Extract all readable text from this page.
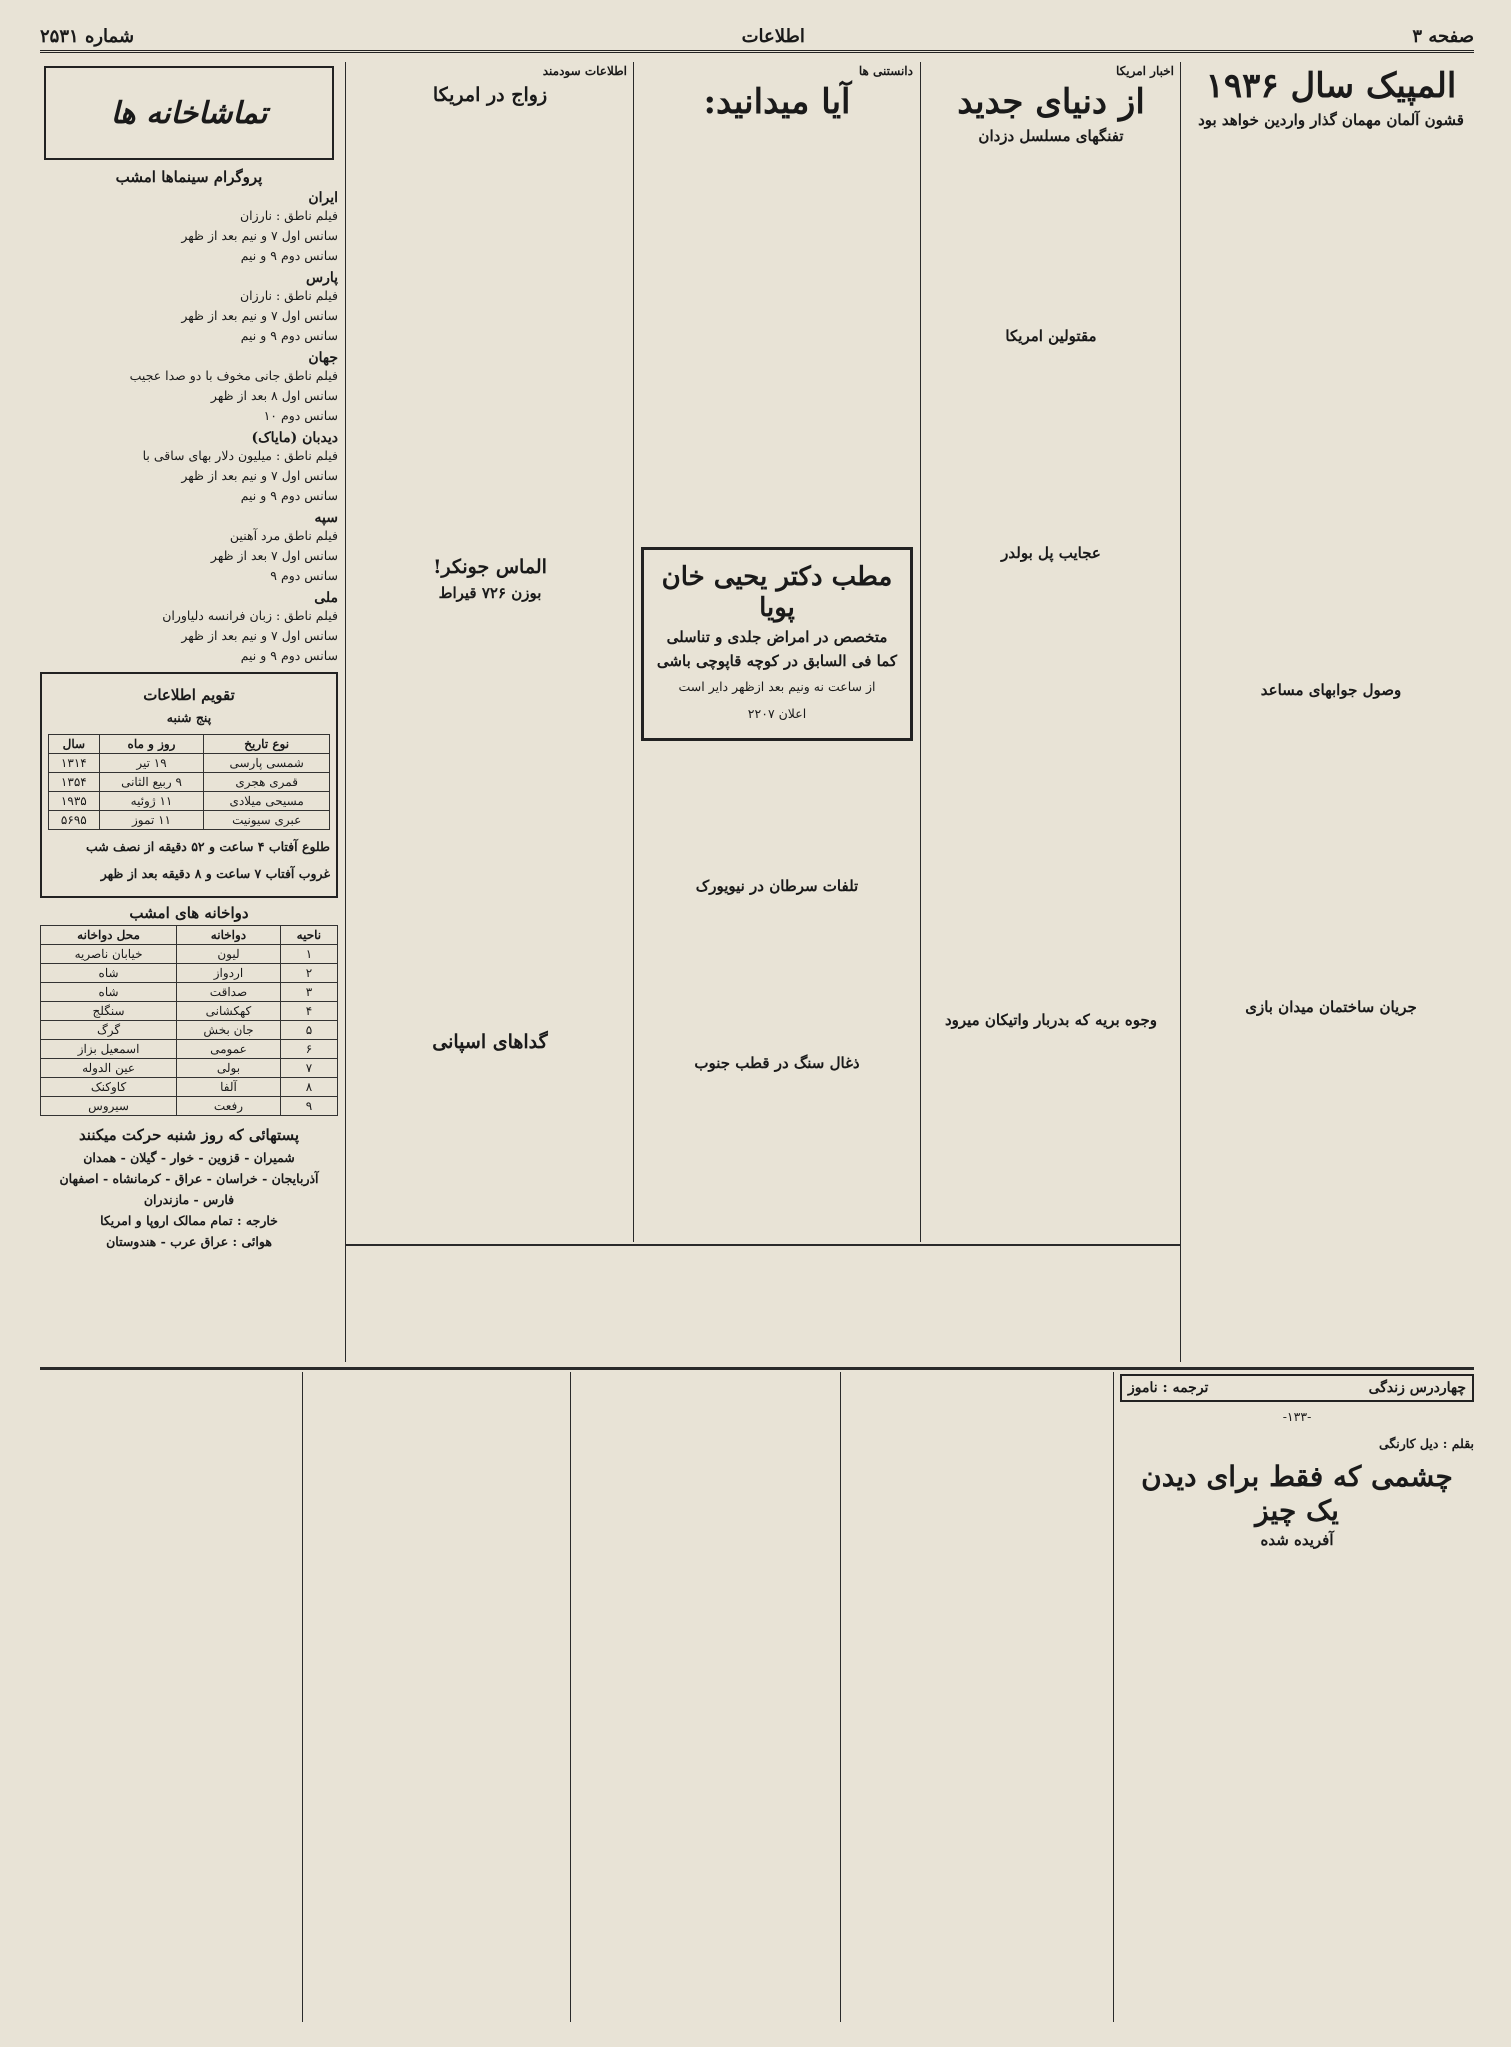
صفحه ۳
اطلاعات
شماره ۲۵۳۱
المپیک سال ۱۹۳۶
قشون آلمان مهمان گذار واردین خواهد بود

وصول جوابهای مساعد

جریان ساختمان میدان بازی

اخبار امریکا
از دنیای جدید
تفنگهای مسلسل دزدان

مقتولین امریکا

عجایب پل بولدر

وجوه بریه که بدربار واتیکان میرود

دانستنی ها
آیا میدانید:

مطب دکتر یحیی خان پویا
متخصص در امراض جلدی و تناسلی
کما فی السابق در کوچه قاپوچی باشی
از ساعت نه ونیم بعد ازظهر دایر است
اعلان ۲۲۰۷

تلفات سرطان در نیویورک

ذغال سنگ در قطب جنوب
اطلاعات سودمند
زواج در امریکا

الماس جونکر!
بوزن ۷۲۶ قیراط

گداهای اسپانی
تماشاخانه ها
پروگرام سینماها امشب
ایران
فیلم ناطق : نارزان
سانس اول ۷ و نیم بعد از ظهر
سانس دوم ۹ و نیم
پارس
فیلم ناطق : نارزان
سانس اول ۷ و نیم بعد از ظهر
سانس دوم ۹ و نیم
جهان
فیلم ناطق جانی مخوف با دو صدا عجیب
سانس اول ۸ بعد از ظهر
سانس دوم ۱۰
دیدبان (مایاک)
فیلم ناطق : میلیون دلار بهای ساقی با
سانس اول ۷ و نیم بعد از ظهر
سانس دوم ۹ و نیم
سپه
فیلم ناطق مرد آهنین
سانس اول ۷ بعد از ظهر
سانس دوم ۹
ملی
فیلم ناطق : زبان فرانسه دلیاوران
سانس اول ۷ و نیم بعد از ظهر
سانس دوم ۹ و نیم
تقویم اطلاعات
پنج شنبه
نوع تاریخ	روز و ماه	سال
شمسی پارسی	۱۹ تیر	۱۳۱۴
قمری هجری	۹ ربیع الثانی	۱۳۵۴
مسیحی میلادی	۱۱ ژوئیه	۱۹۳۵
عبری سیونیت	۱۱ تموز	۵۶۹۵
طلوع آفتاب ۴ ساعت و ۵۲ دقیقه از نصف شب
غروب آفتاب ۷ ساعت و ۸ دقیقه بعد از ظهر
دواخانه های امشب
ناحیه	دواخانه	محل دواخانه
۱	لیون	خیابان ناصریه
۲	اردواز	شاه
۳	صداقت	شاه
۴	کهکشانی	سنگلج
۵	جان بخش	گرگ
۶	عمومی	اسمعیل بزاز
۷	بولی	عین الدوله
۸	آلفا	کاوکنک
۹	رفعت	سیروس
پستهائی که روز شنبه حرکت میکنند
شمیران - قزوین - خوار - گیلان - همدان
آذربایجان - خراسان - عراق - کرمانشاه - اصفهان
فارس - مازندران
خارجه : تمام ممالک اروپا و امریکا
هوائی : عراق عرب - هندوستان
چهاردرس زندگی
ترجمه : ناموز
-۱۳۳-
بقلم : دیل کارنگی
چشمی که فقط برای دیدن یک چیز
آفریده شده
